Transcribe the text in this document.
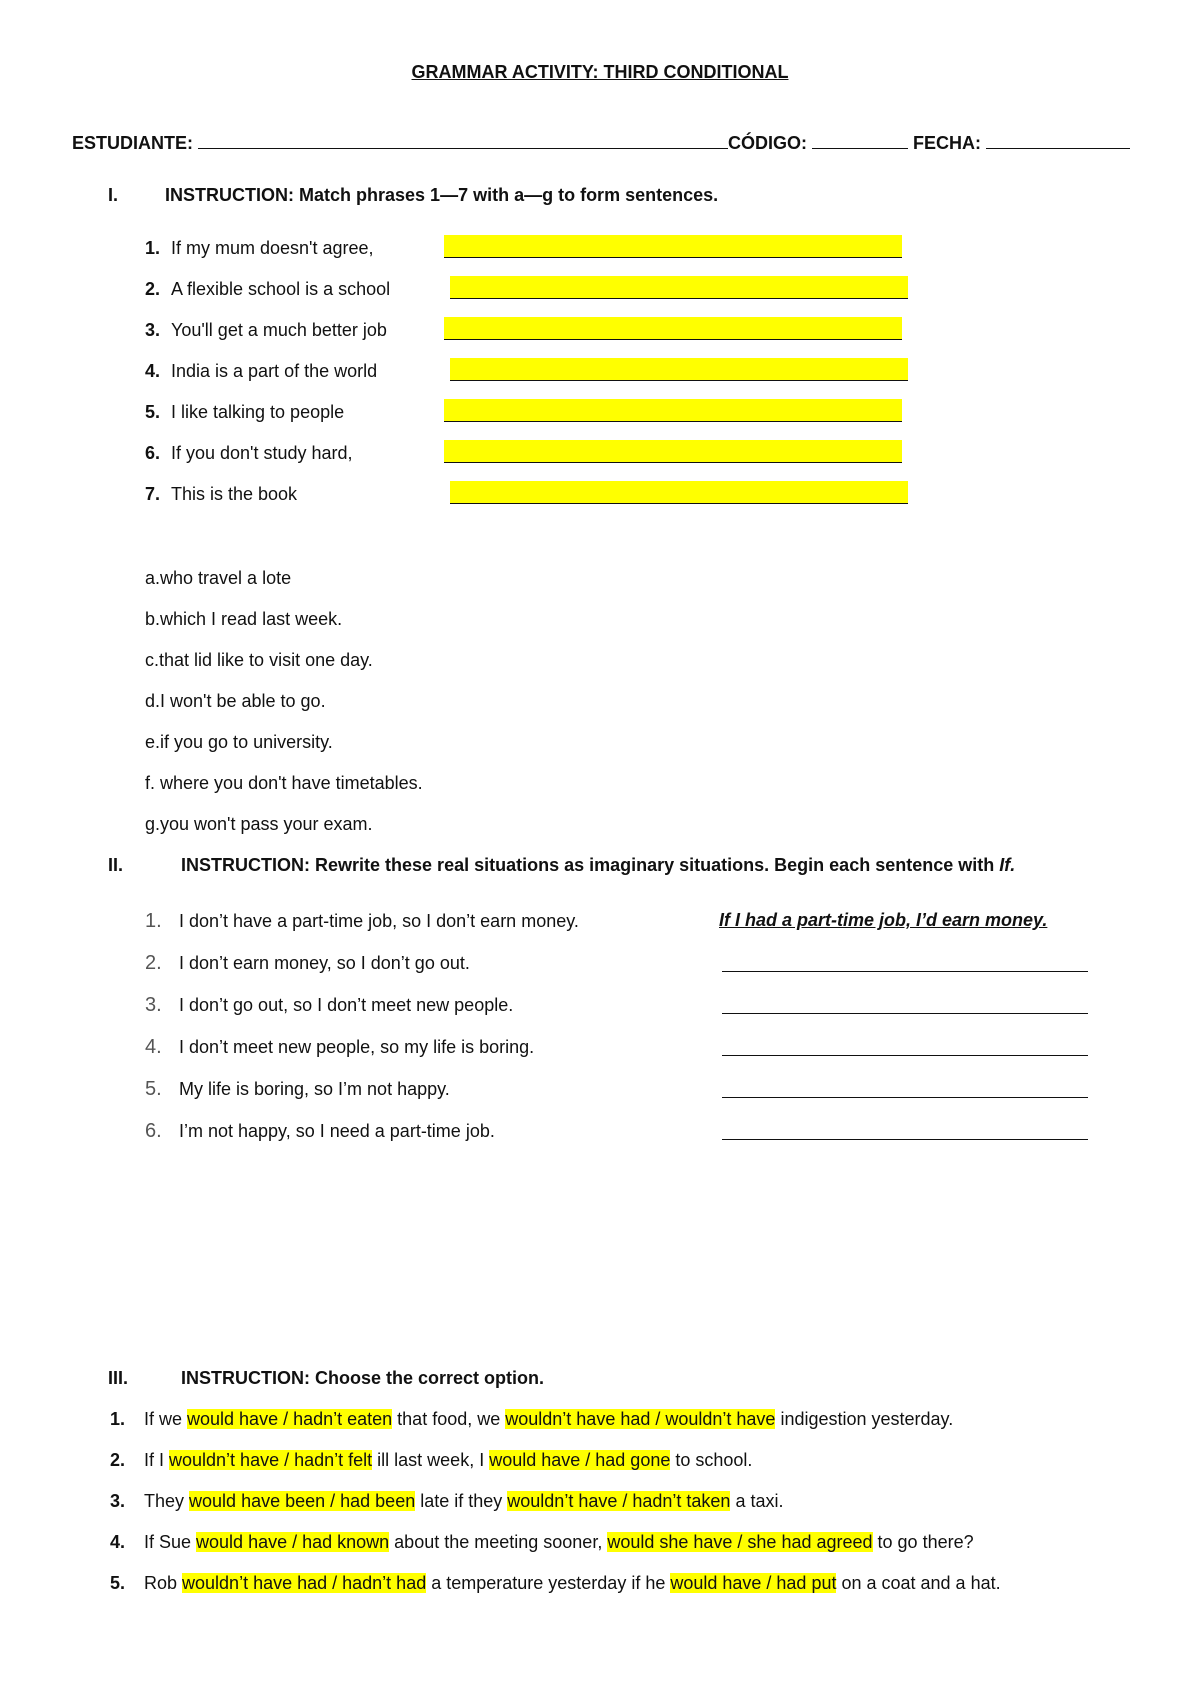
GRAMMAR ACTIVITY: THIRD CONDITIONAL
ESTUDIANTE:	CÓDIGO:	FECHA:
I.	INSTRUCTION: Match phrases 1—7 with a—g to form sentences.
1. If my mum doesn't agree,
2. A flexible school is a school
3. You'll get a much better job
4. India is a part of the world
5. I like talking to people
6. If you don't study hard,
7. This is the book
a.who travel a lote
b.which I read last week.
c.that lid like to visit one day.
d.I won't be able to go.
e.if you go to university.
f. where you don't have timetables.
g.you won't pass your exam.
II.	INSTRUCTION: Rewrite these real situations as imaginary situations. Begin each sentence with If.
1. I don’t have a part-time job, so I don’t earn money.	If I had a part-time job, I’d earn money.
2. I don’t earn money, so I don’t go out.
3. I don’t go out, so I don’t meet new people.
4. I don’t meet new people, so my life is boring.
5. My life is boring, so I’m not happy.
6. I’m not happy, so I need a part-time job.
III.	INSTRUCTION: Choose the correct option.
1. If we would have / hadn’t eaten that food, we wouldn’t have had / wouldn’t have indigestion yesterday.
2. If I wouldn’t have / hadn’t felt ill last week, I would have / had gone to school.
3. They would have been / had been late if they wouldn’t have / hadn’t taken a taxi.
4. If Sue would have / had known about the meeting sooner, would she have / she had agreed to go there?
5. Rob wouldn’t have had / hadn’t had a temperature yesterday if he would have / had put on a coat and a hat.
